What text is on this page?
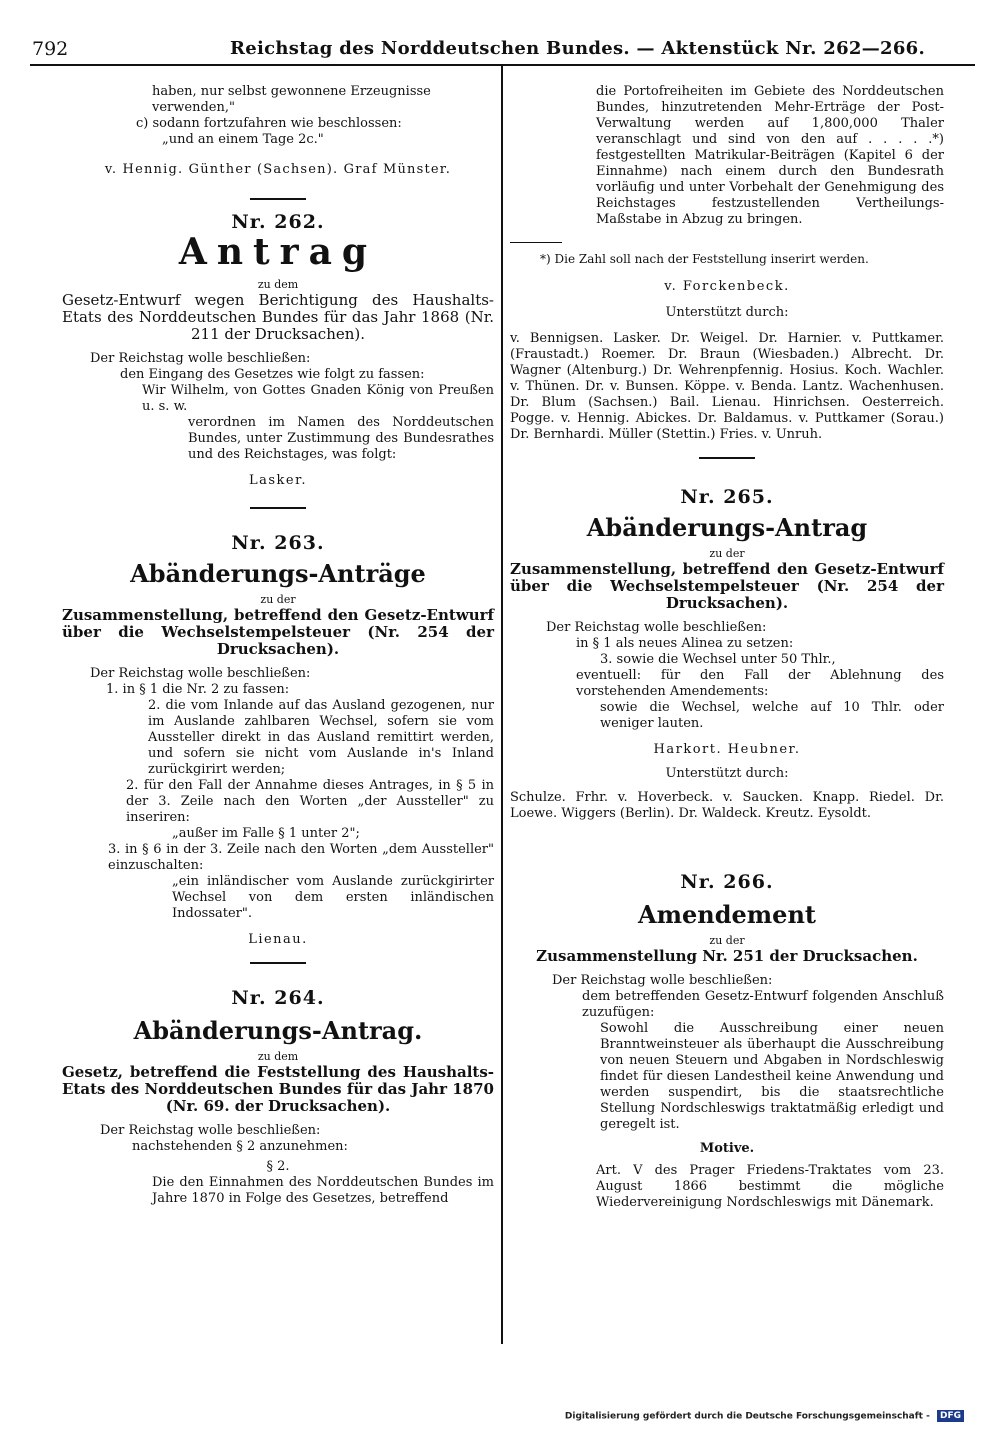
792	Reichstag des Norddeutschen Bundes. — Aktenstück Nr. 262—266.
haben, nur selbst gewonnene Erzeugnisse
verwenden,"
c) sodann fortzufahren wie beschlossen:
„und an einem Tage 2c."
v. Hennig. Günther (Sachsen). Graf Münster.
Nr. 262.
Antrag
zu dem
Gesetz-Entwurf wegen Berichtigung des Haushalts-Etats des Norddeutschen Bundes für das Jahr 1868 (Nr. 211 der Drucksachen).
Der Reichstag wolle beschließen:
den Eingang des Gesetzes wie folgt zu fassen:
Wir Wilhelm, von Gottes Gnaden König von Preußen u. s. w.
verordnen im Namen des Norddeutschen Bundes, unter Zustimmung des Bundesrathes und des Reichstages, was folgt:
Lasker.
Nr. 263.
Abänderungs-Anträge
zu der
Zusammenstellung, betreffend den Gesetz-Entwurf über die Wechselstempelsteuer (Nr. 254 der Drucksachen).
Der Reichstag wolle beschließen:
1. in § 1 die Nr. 2 zu fassen:
2. die vom Inlande auf das Ausland gezogenen, nur im Auslande zahlbaren Wechsel, sofern sie vom Aussteller direkt in das Ausland remittirt werden, und sofern sie nicht vom Auslande in's Inland zurückgirirt werden;
2. für den Fall der Annahme dieses Antrages, in § 5 in der 3. Zeile nach den Worten „der Aussteller" zu inseriren:
„außer im Falle § 1 unter 2";
3. in § 6 in der 3. Zeile nach den Worten „dem Aussteller" einzuschalten:
„ein inländischer vom Auslande zurückgirirter Wechsel von dem ersten inländischen Indossater".
Lienau.
Nr. 264.
Abänderungs-Antrag.
zu dem
Gesetz, betreffend die Feststellung des Haushalts-Etats des Norddeutschen Bundes für das Jahr 1870 (Nr. 69. der Drucksachen).
Der Reichstag wolle beschließen:
nachstehenden § 2 anzunehmen:
§ 2.
Die den Einnahmen des Norddeutschen Bundes im Jahre 1870 in Folge des Gesetzes, betreffend
die Portofreiheiten im Gebiete des Norddeutschen Bundes, hinzutretenden Mehr-Erträge der Post-Verwaltung werden auf 1,800,000 Thaler veranschlagt und sind von den auf . . . . .*) festgestellten Matrikular-Beiträgen (Kapitel 6 der Einnahme) nach einem durch den Bundesrath vorläufig und unter Vorbehalt der Genehmigung des Reichstages festzustellenden Vertheilungs-Maßstabe in Abzug zu bringen.
*) Die Zahl soll nach der Feststellung inserirt werden.
v. Forckenbeck.
Unterstützt durch:
v. Bennigsen. Lasker. Dr. Weigel. Dr. Harnier. v. Puttkamer. (Fraustadt.) Roemer. Dr. Braun (Wiesbaden.) Albrecht. Dr. Wagner (Altenburg.) Dr. Wehrenpfennig. Hosius. Koch. Wachler. v. Thünen. Dr. v. Bunsen. Köppe. v. Benda. Lantz. Wachenhusen. Dr. Blum (Sachsen.) Bail. Lienau. Hinrichsen. Oesterreich. Pogge. v. Hennig. Abickes. Dr. Baldamus. v. Puttkamer (Sorau.) Dr. Bernhardi. Müller (Stettin.) Fries. v. Unruh.
Nr. 265.
Abänderungs-Antrag
zu der
Zusammenstellung, betreffend den Gesetz-Entwurf über die Wechselstempelsteuer (Nr. 254 der Drucksachen).
Der Reichstag wolle beschließen:
in § 1 als neues Alinea zu setzen:
3. sowie die Wechsel unter 50 Thlr.,
eventuell: für den Fall der Ablehnung des vorstehenden Amendements:
sowie die Wechsel, welche auf 10 Thlr. oder weniger lauten.
Harkort. Heubner.
Unterstützt durch:
Schulze. Frhr. v. Hoverbeck. v. Saucken. Knapp. Riedel. Dr. Loewe. Wiggers (Berlin). Dr. Waldeck. Kreutz. Eysoldt.
Nr. 266.
Amendement
zu der
Zusammenstellung Nr. 251 der Drucksachen.
Der Reichstag wolle beschließen:
dem betreffenden Gesetz-Entwurf folgenden Anschluß zuzufügen:
Sowohl die Ausschreibung einer neuen Branntweinsteuer als überhaupt die Ausschreibung von neuen Steuern und Abgaben in Nordschleswig findet für diesen Landestheil keine Anwendung und werden suspendirt, bis die staatsrechtliche Stellung Nordschleswigs traktatmäßig erledigt und geregelt ist.
Motive.
Art. V des Prager Friedens-Traktates vom 23. August 1866 bestimmt die mögliche Wiedervereinigung Nordschleswigs mit Dänemark.
Digitalisierung gefördert durch die Deutsche Forschungsgemeinschaft - DFG
